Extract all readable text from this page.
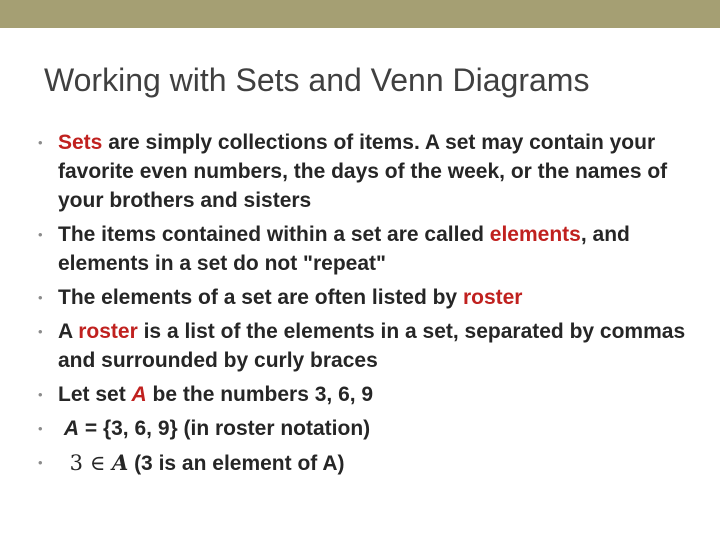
Working with Sets and Venn Diagrams
• Sets are simply collections of items. A set may contain your favorite even numbers, the days of the week, or the names of your brothers and sisters
• The items contained within a set are called elements, and elements in a set do not "repeat"
• The elements of a set are often listed by roster
• A roster is a list of the elements in a set, separated by commas and surrounded by curly braces
• Let set A be the numbers 3, 6, 9
• A = {3, 6, 9} (in roster notation)
• 3 ∈ A (3 is an element of A)
